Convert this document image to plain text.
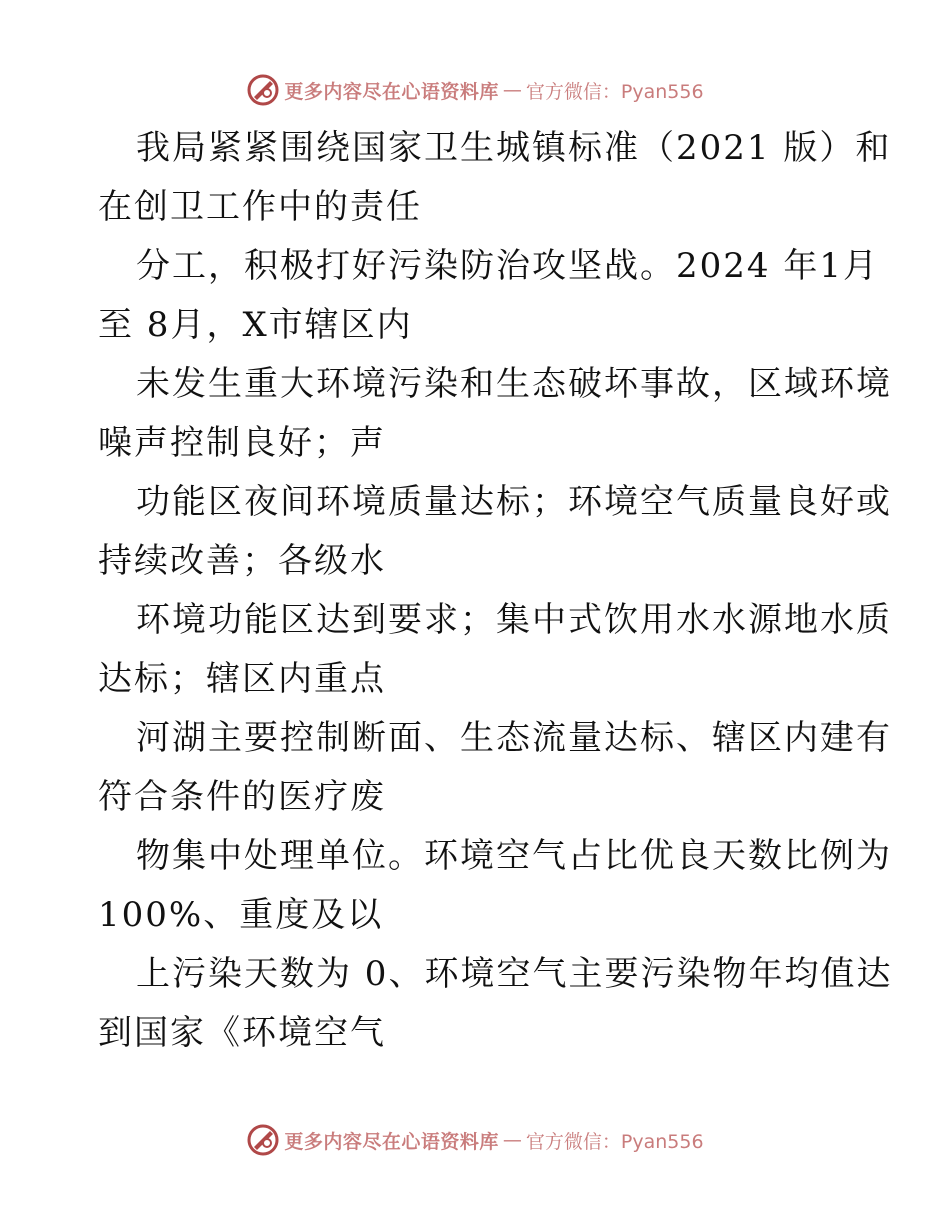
更多内容尽在心语资料库 — 官方微信：Pyan556
我局紧紧围绕国家卫生城镇标准（2021 版）和
在创卫工作中的责任
分工，积极打好污染防治攻坚战。2024 年1月
至 8月，X市辖区内
未发生重大环境污染和生态破坏事故，区域环境
噪声控制良好；声
功能区夜间环境质量达标；环境空气质量良好或
持续改善；各级水
环境功能区达到要求；集中式饮用水水源地水质
达标；辖区内重点
河湖主要控制断面、生态流量达标、辖区内建有
符合条件的医疗废
物集中处理单位。环境空气占比优良天数比例为
100%、重度及以
上污染天数为 0、环境空气主要污染物年均值达
到国家《环境空气
更多内容尽在心语资料库 — 官方微信：Pyan556
